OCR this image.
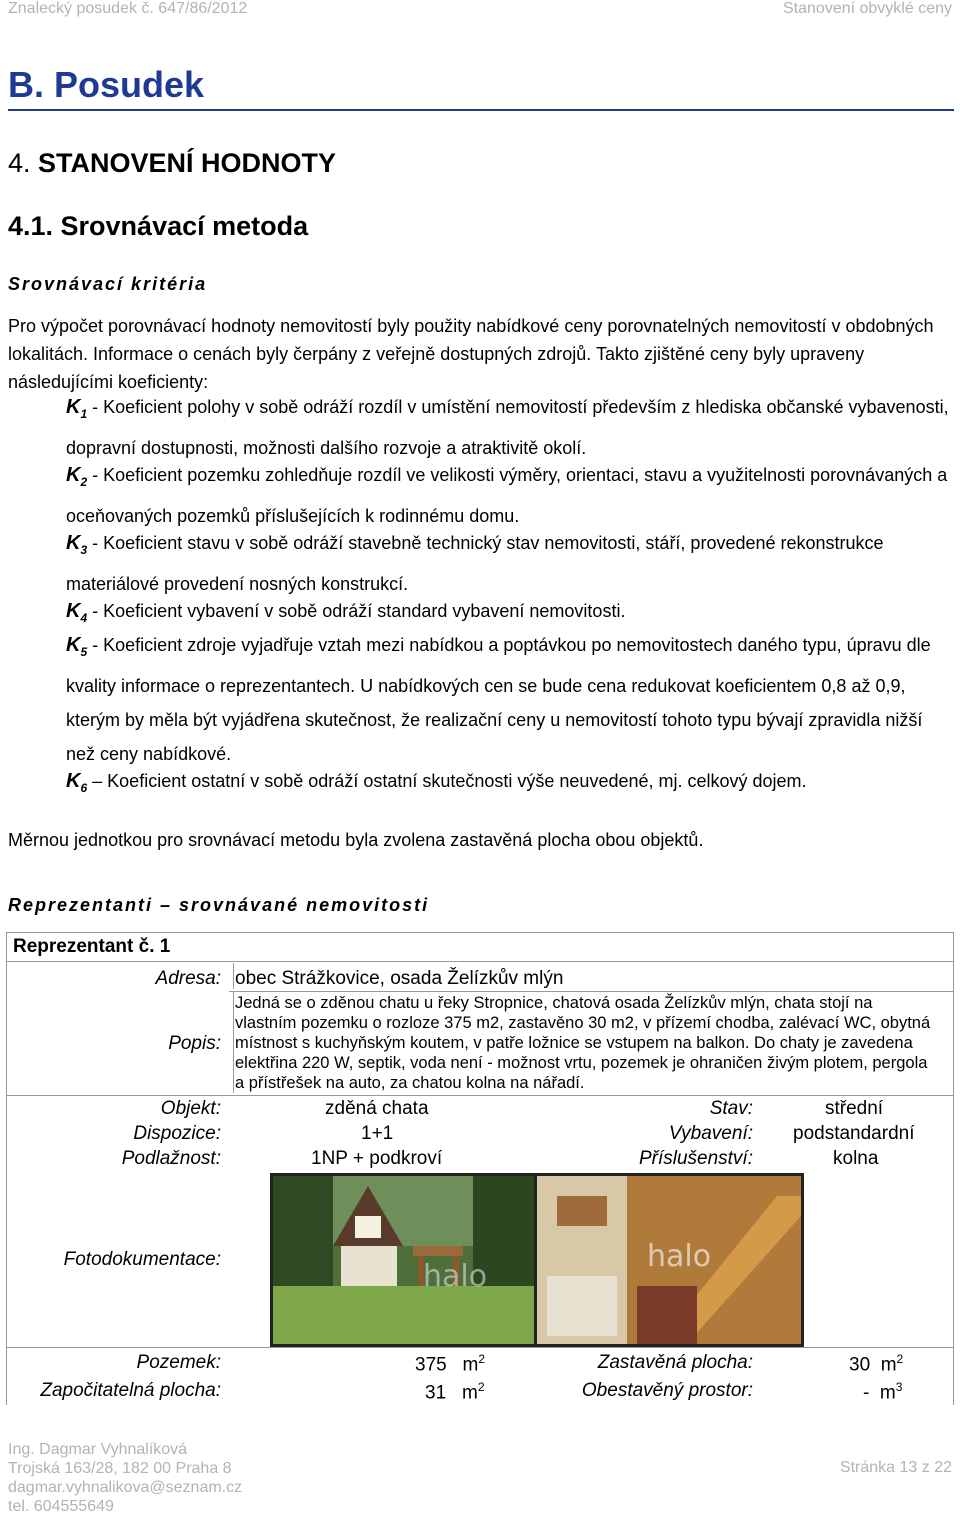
Znalecký posudek č. 647/86/2012	Stanovení obvyklé ceny
B. Posudek
4. STANOVENÍ HODNOTY
4.1. Srovnávací metoda
Srovnávací kritéria
Pro výpočet porovnávací hodnoty nemovitostí byly použity nabídkové ceny porovnatelných nemovitostí v obdobných lokalitách. Informace o cenách byly čerpány z veřejně dostupných zdrojů. Takto zjištěné ceny byly upraveny následujícími koeficienty:
$K_1$ - Koeficient polohy v sobě odráží rozdíl v umístění nemovitostí především z hlediska občanské vybavenosti, dopravní dostupnosti, možnosti dalšího rozvoje a atraktivitě okolí.
$K_2$ - Koeficient pozemku zohledňuje rozdíl ve velikosti výměry, orientaci, stavu a využitelnosti porovnávaných a oceňovaných pozemků příslušejících k rodinnému domu.
$K_3$ - Koeficient stavu v sobě odráží stavebně technický stav nemovitosti, stáří, provedené rekonstrukce materiálové provedení nosných konstrukcí.
$K_4$ - Koeficient vybavení v sobě odráží standard vybavení nemovitosti.
$K_5$ - Koeficient zdroje vyjadřuje vztah mezi nabídkou a poptávkou po nemovitostech daného typu, úpravu dle kvality informace o reprezentantech. U nabídkových cen se bude cena redukovat koeficientem 0,8 až 0,9, kterým by měla být vyjádřena skutečnost, že realizační ceny u nemovitostí tohoto typu bývají zpravidla nižší než ceny nabídkové.
$K_6$ – Koeficient ostatní v sobě odráží ostatní skutečnosti výše neuvedené, mj. celkový dojem.
Měrnou jednotkou pro srovnávací metodu byla zvolena zastavěná plocha obou objektů.
Reprezentanti – srovnávané nemovitosti
Reprezentant č. 1
Adresa: obec Strážkovice, osada Želízkův mlýn
Popis:
Jedná se o zděnou chatu u řeky Stropnice, chatová osada Želízkův mlýn, chata stojí na vlastním pozemku o rozloze 375 m2, zastavěno 30 m2, v přízemí chodba, zalévací WC, obytná místnost s kuchyňským koutem, v patře ložnice se vstupem na balkon. Do chaty je zavedena elektřina 220 W, septik, voda není - možnost vrtu, pozemek je ohraničen živým plotem, pergola a přístřešek na auto, za chatou kolna na nářadí.
Objekt:	zděná chata	Stav:	střední
Dispozice:	1+1	Vybavení: podstandardní
Podlažnost:	1NP + podkroví	Příslušenství:	kolna
Fotodokumentace:	halo
halo
Pozemek:	375 $m^2$	Zastavěná plocha:	30 $m^2$
Započitatelná plocha:	31 $m^2$	Obestavěný prostor:	- $m^3$
Ing. Dagmar Vyhnalíková
Trojská 163/28, 182 00 Praha 8
dagmar.vyhnalikova@seznam.cz
tel. 604555649
Stránka 13 z 22
